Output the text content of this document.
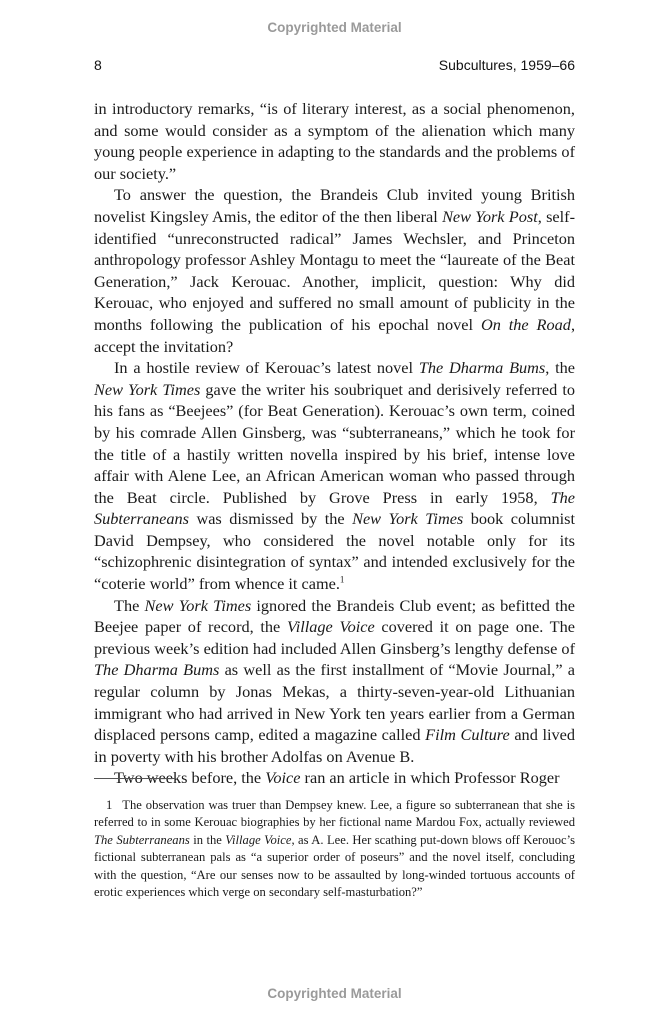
Copyrighted Material
8	Subcultures, 1959–66

in introductory remarks, “is of literary interest, as a social phenomenon, and some would consider as a symptom of the alienation which many young people experience in adapting to the standards and the problems of our society.”

To answer the question, the Brandeis Club invited young British novelist Kingsley Amis, the editor of the then liberal New York Post, self-identified “unreconstructed radical” James Wechsler, and Princeton anthropology professor Ashley Montagu to meet the “laureate of the Beat Generation,” Jack Kerouac. Another, implicit, question: Why did Kerouac, who enjoyed and suffered no small amount of publicity in the months following the publication of his epochal novel On the Road, accept the invitation?

In a hostile review of Kerouac’s latest novel The Dharma Bums, the New York Times gave the writer his soubriquet and derisively referred to his fans as “Beejees” (for Beat Generation). Kerouac’s own term, coined by his comrade Allen Ginsberg, was “subterraneans,” which he took for the title of a hastily written novella inspired by his brief, intense love affair with Alene Lee, an African American woman who passed through the Beat circle. Published by Grove Press in early 1958, The Subterraneans was dismissed by the New York Times book columnist David Dempsey, who considered the novel notable only for its “schizophrenic disintegration of syntax” and intended exclusively for the “coterie world” from whence it came.$^1$

The New York Times ignored the Brandeis Club event; as befitted the Beejee paper of record, the Village Voice covered it on page one. The previous week’s edition had included Allen Ginsberg’s lengthy defense of The Dharma Bums as well as the first installment of “Movie Journal,” a regular column by Jonas Mekas, a thirty-seven-year-old Lithuanian immigrant who had arrived in New York ten years earlier from a German displaced persons camp, edited a magazine called Film Culture and lived in poverty with his brother Adolfas on Avenue B.

Two weeks before, the Voice ran an article in which Professor Roger

1 The observation was truer than Dempsey knew. Lee, a figure so subterranean that she is referred to in some Kerouac biographies by her fictional name Mardou Fox, actually reviewed The Subterraneans in the Village Voice, as A. Lee. Her scathing put-down blows off Kerouoc’s fictional subterranean pals as “a superior order of poseurs” and the novel itself, concluding with the question, “Are our senses now to be assaulted by long-winded tortuous accounts of erotic experiences which verge on secondary self-masturbation?”
Copyrighted Material
